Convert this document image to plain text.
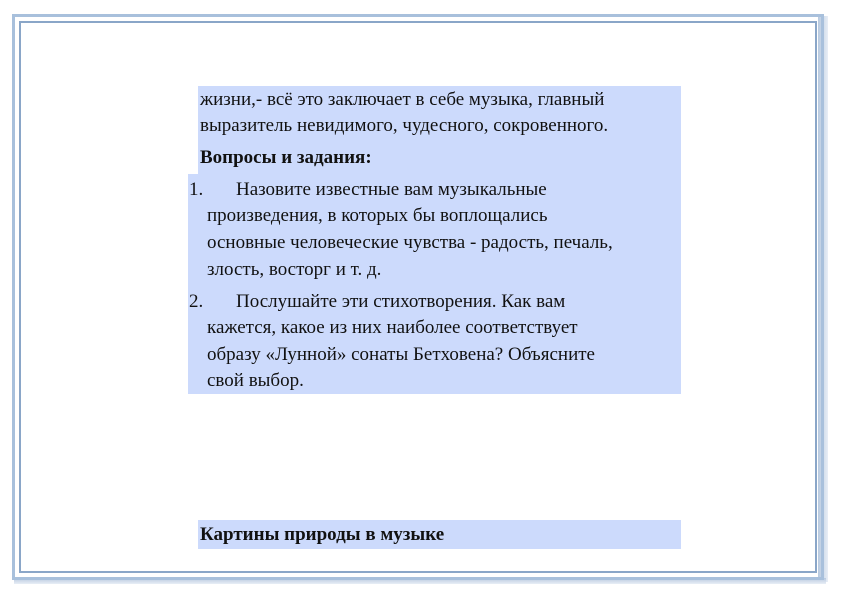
жизни,- всё это заключает в себе музыка, главный
выразитель невидимого, чудесного, сокровенного.
Вопросы и задания:
1. Назовите известные вам музыкальные
произведения, в которых бы воплощались
основные человеческие чувства - радость, печаль,
злость, восторг и т. д.
2. Послушайте эти стихотворения. Как вам
кажется, какое из них наиболее соответствует
образу «Лунной» сонаты Бетховена? Объясните
свой выбор.
Картины природы в музыке
